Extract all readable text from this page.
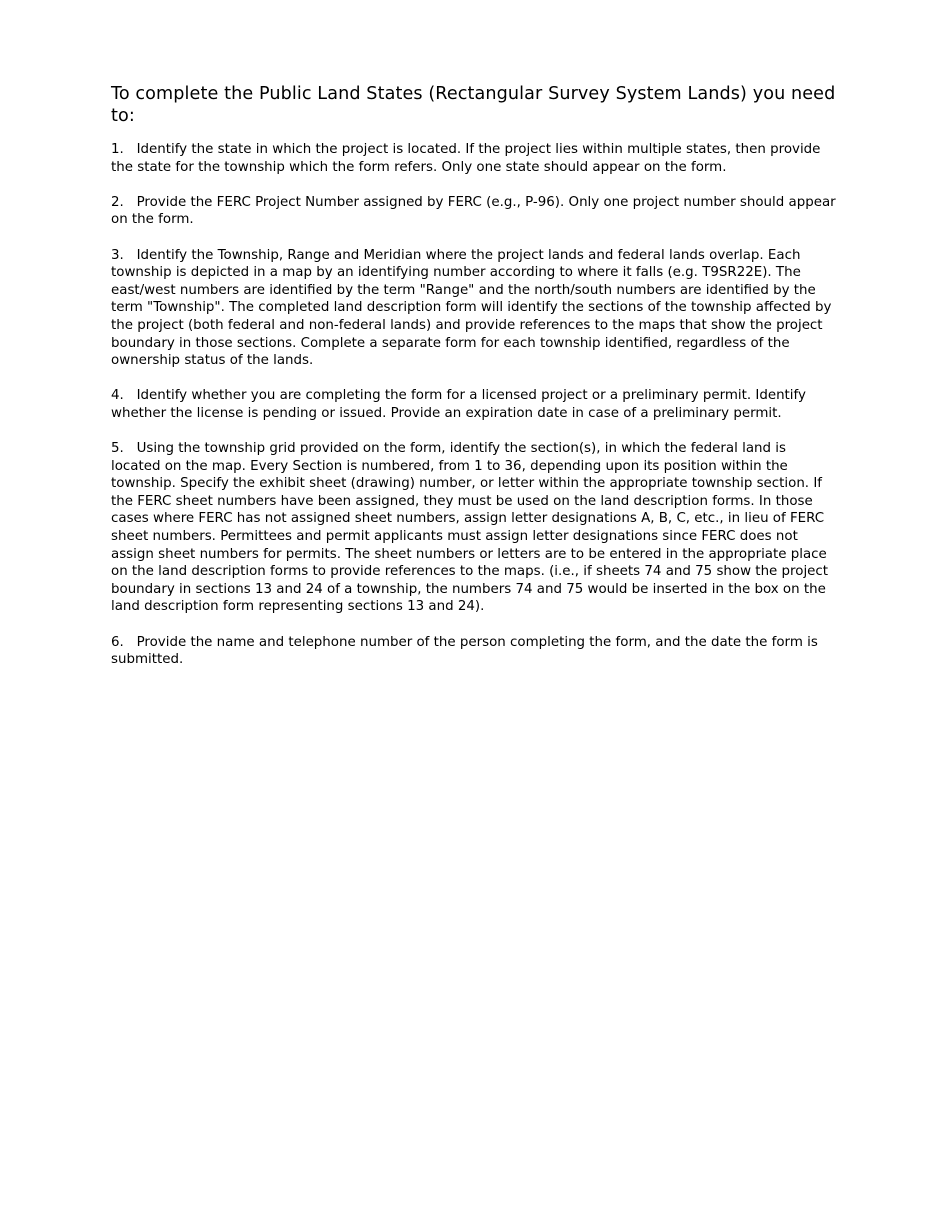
To complete the Public Land States (Rectangular Survey System Lands) you need to:

1. Identify the state in which the project is located. If the project lies within multiple states, then provide the state for the township which the form refers. Only one state should appear on the form.

2. Provide the FERC Project Number assigned by FERC (e.g., P-96). Only one project number should appear on the form.

3. Identify the Township, Range and Meridian where the project lands and federal lands overlap. Each township is depicted in a map by an identifying number according to where it falls (e.g. T9SR22E). The east/west numbers are identified by the term "Range" and the north/south numbers are identified by the term "Township". The completed land description form will identify the sections of the township affected by the project (both federal and non-federal lands) and provide references to the maps that show the project boundary in those sections. Complete a separate form for each township identified, regardless of the ownership status of the lands.

4. Identify whether you are completing the form for a licensed project or a preliminary permit. Identify whether the license is pending or issued. Provide an expiration date in case of a preliminary permit.

5. Using the township grid provided on the form, identify the section(s), in which the federal land is located on the map. Every Section is numbered, from 1 to 36, depending upon its position within the township. Specify the exhibit sheet (drawing) number, or letter within the appropriate township section. If the FERC sheet numbers have been assigned, they must be used on the land description forms. In those cases where FERC has not assigned sheet numbers, assign letter designations A, B, C, etc., in lieu of FERC sheet numbers. Permittees and permit applicants must assign letter designations since FERC does not assign sheet numbers for permits. The sheet numbers or letters are to be entered in the appropriate place on the land description forms to provide references to the maps. (i.e., if sheets 74 and 75 show the project boundary in sections 13 and 24 of a township, the numbers 74 and 75 would be inserted in the box on the land description form representing sections 13 and 24).

6. Provide the name and telephone number of the person completing the form, and the date the form is submitted.
